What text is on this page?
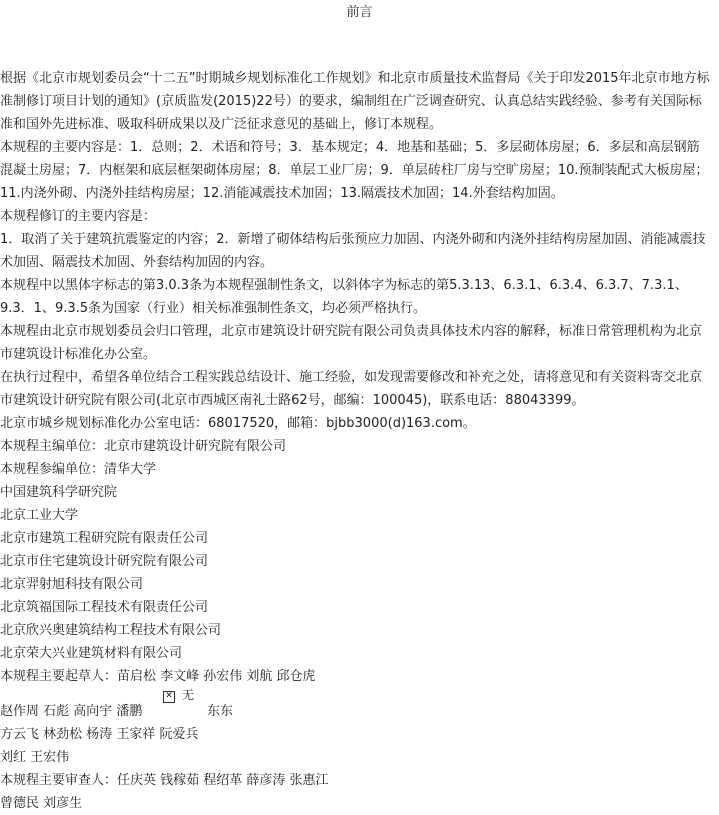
前言

根据《北京市规划委员会“十二五”时期城乡规划标准化工作规划》和北京市质量技术监督局《关于印发2015年北京市地方标准制修订项目计划的通知》(京质监发(2015)22号）的要求，编制组在广泛调查研究、认真总结实践经验、参考有关国际标准和国外先进标准、吸取科研成果以及广泛征求意见的基础上，修订本规程。

本规程的主要内容是：1．总则；2．术语和符号；3．基本规定；4．地基和基础；5．多层砌体房屋；6．多层和高层钢筋混凝土房屋；7．内框架和底层框架砌体房屋；8．单层工业厂房；9．单层砖柱厂房与空旷房屋；10.预制装配式大板房屋；11.内浇外砌、内浇外挂结构房屋；12.消能减震技术加固；13.隔震技术加固；14.外套结构加固。

本规程修订的主要内容是：

1．取消了关于建筑抗震鉴定的内容；2．新增了砌体结构后张预应力加固、内浇外砌和内浇外挂结构房屋加固、消能减震技术加固、隔震技术加固、外套结构加固的内容。

本规程中以黑体字标志的第3.0.3条为本规程强制性条文，以斜体字为标志的第5.3.13、6.3.1、6.3.4、6.3.7、7.3.1、9.3．1、9.3.5条为国家（行业）相关标准强制性条文，均必须严格执行。

本规程由北京市规划委员会归口管理，北京市建筑设计研究院有限公司负责具体技术内容的解释，标准日常管理机构为北京市建筑设计标准化办公室。

在执行过程中，希望各单位结合工程实践总结设计、施工经验，如发现需要修改和补充之处，请将意见和有关资料寄交北京市建筑设计研究院有限公司(北京市西城区南礼士路62号，邮编：100045)，联系电话：88043399。

北京市城乡规划标准化办公室电话：68017520，邮箱：bjbb3000(d)163.com。

本规程主编单位：北京市建筑设计研究院有限公司

本规程参编单位：清华大学

中国建筑科学研究院

北京工业大学

北京市建筑工程研究院有限责任公司

北京市住宅建筑设计研究院有限公司

北京羿射旭科技有限公司

北京筑福国际工程技术有限责任公司

北京欣兴奥建筑结构工程技术有限公司

北京荣大兴业建筑材料有限公司

本规程主要起草人：苗启松 李文峰 孙宏伟 刘航 邱仓虎

✕ 无
赵作周 石彪 高向宇 潘鹏	东东
方云飞 林劲松 杨涛 王家祥 阮爱兵
刘红 王宏伟
本规程主要审查人：任庆英 钱稼茹 程绍革 薛彦涛 张惠江
曾德民 刘彦生
